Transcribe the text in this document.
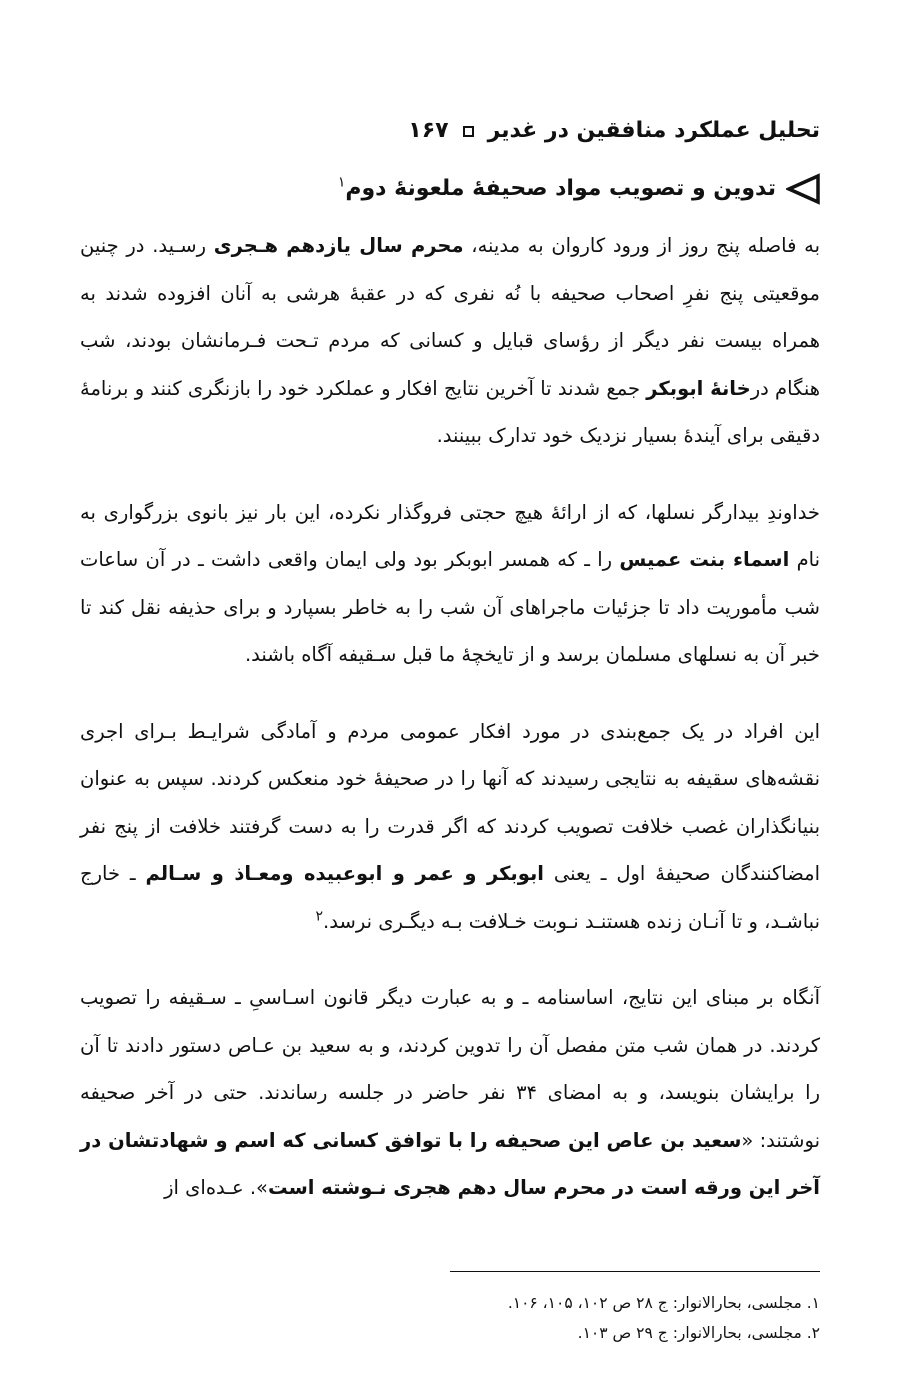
تحلیل عملکرد منافقین در غدیر
۱۶۷
تدوین و تصویب مواد صحیفهٔ ملعونهٔ دوم$^۱$

به فاصله پنج روز از ورود کاروان به مدینه، محرم سال یازدهم هـجری رسـید. در چنین موقعیتی پنج نفرِ اصحاب صحیفه با نُه نفری که در عقبهٔ هرشی به آنان افزوده شدند به همراه بیست نفر دیگر از رؤسای قبایل و کسانی که مردم تـحت فـرمانشان بودند، شب هنگام درخانهٔ ابوبکر جمع شدند تا آخرین نتایج افکار و عملکرد خود را بازنگری کنند و برنامهٔ دقیقی برای آیندهٔ بسیار نزدیک خود تدارک ببینند.

خداوندِ بیدارگر نسلها، که از ارائهٔ هیچ حجتی فروگذار نکرده، این بار نیز بانوی بزرگواری به نام اسماء بنت عمیس را ـ که همسر ابوبکر بود ولی ایمان واقعی داشت ـ در آن ساعات شب مأموریت داد تا جزئیات ماجراهای آن شب را به خاطر بسپارد و برای حذیفه نقل کند تا خبر آن به نسلهای مسلمان برسد و از تایخچهٔ ما قبل سـقیفه آگاه باشند.

این افراد در یک جمع‌بندی در مورد افکار عمومی مردم و آمادگی شرایـط بـرای اجری نقشه‌های سقیفه به نتایجی رسیدند که آنها را در صحیفهٔ خود منعکس کردند. سپس به عنوان بنیانگذاران غصب خلافت تصویب کردند که اگر قدرت را به دست گرفتند خلافت از پنج نفر امضاکنندگان صحیفهٔ اول ـ یعنی ابوبکر و عمر و ابوعبیده ومعـاذ و سـالم ـ خارج نباشـد، و تا آنـان زنده هستنـد نـوبت خـلافت بـه دیگـری نرسد.$^۲$

آنگاه بر مبنای این نتایج، اساسنامه ـ و به عبارت دیگر قانون اسـاسیِ ـ سـقیفه را تصویب کردند. در همان شب متن مفصل آن را تدوین کردند، و به سعید بن عـاص دستور دادند تا آن را برایشان بنویسد، و به امضای ۳۴ نفر حاضر در جلسه رساندند. حتی در آخر صحیفه نوشتند: «سعید بن عاص این صحیفه را با توافق کسانی که اسم و شهادتشان در آخر این ورقه است در محرم سال دهم هجری نـوشته است». عـده‌ای از

۱. مجلسی، بحارالانوار: ج ۲۸ ص ۱۰۲، ۱۰۵، ۱۰۶.

۲. مجلسی، بحارالانوار: ج ۲۹ ص ۱۰۳.
